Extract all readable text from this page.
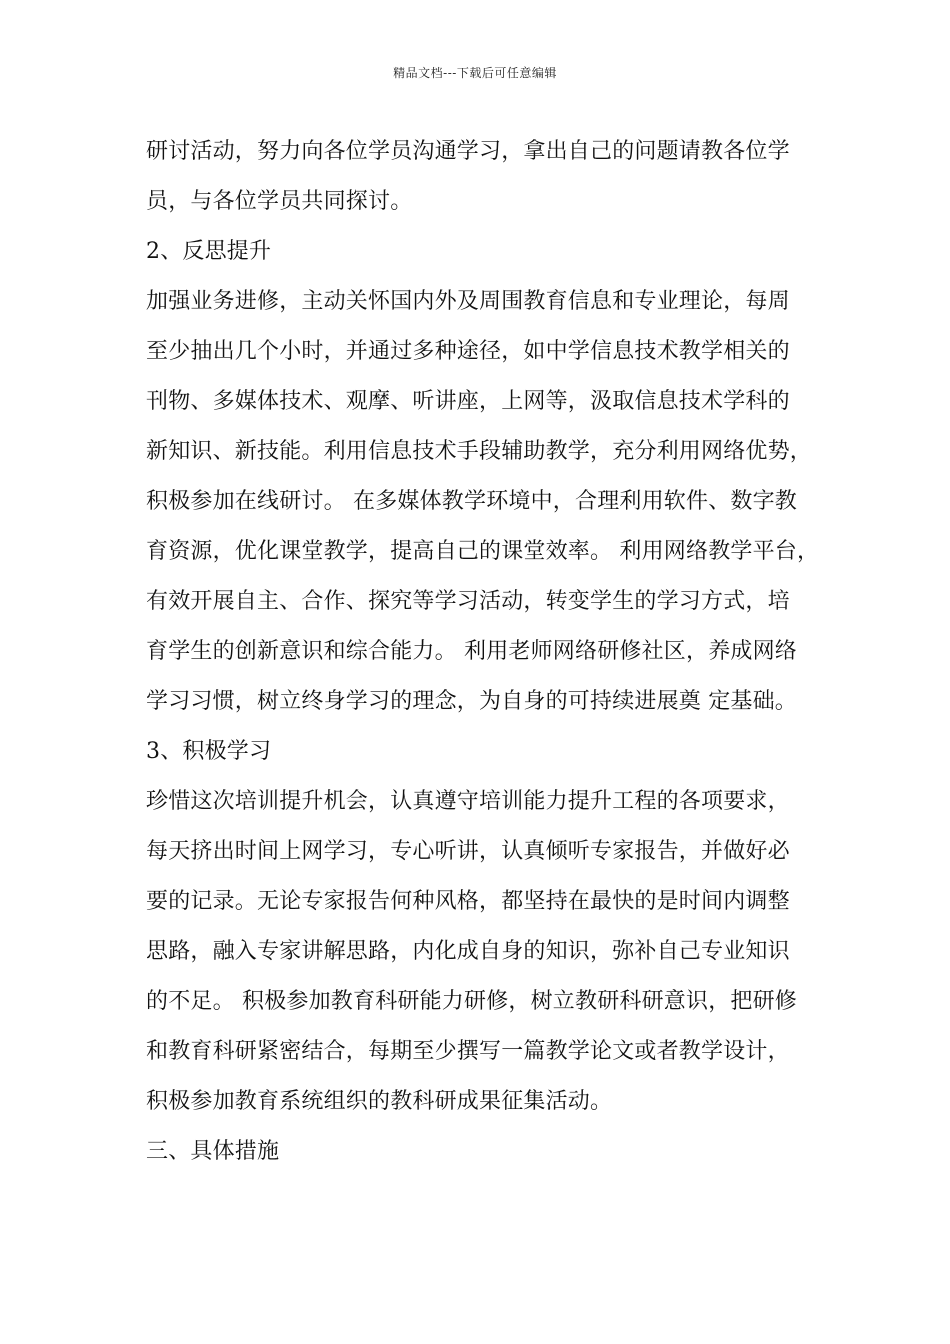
精品文档---下载后可任意编辑
研讨活动，努力向各位学员沟通学习，拿出自己的问题请教各位学
员，与各位学员共同探讨。
2、反思提升
加强业务进修，主动关怀国内外及周围教育信息和专业理论，每周
至少抽出几个小时，并通过多种途径，如中学信息技术教学相关的
刊物、多媒体技术、观摩、听讲座，上网等，汲取信息技术学科的
新知识、新技能。利用信息技术手段辅助教学，充分利用网络优势，
积极参加在线研讨。 在多媒体教学环境中，合理利用软件、数字教
育资源，优化课堂教学，提高自己的课堂效率。 利用网络教学平台，
有效开展自主、合作、探究等学习活动，转变学生的学习方式，培
育学生的创新意识和综合能力。 利用老师网络研修社区，养成网络
学习习惯，树立终身学习的理念，为自身的可持续进展奠 定基础。
3、积极学习
珍惜这次培训提升机会，认真遵守培训能力提升工程的各项要求，
每天挤出时间上网学习，专心听讲，认真倾听专家报告，并做好必
要的记录。无论专家报告何种风格，都坚持在最快的是时间内调整
思路，融入专家讲解思路，内化成自身的知识，弥补自己专业知识
的不足。 积极参加教育科研能力研修，树立教研科研意识，把研修
和教育科研紧密结合，每期至少撰写一篇教学论文或者教学设计，
积极参加教育系统组织的教科研成果征集活动。
三、具体措施
